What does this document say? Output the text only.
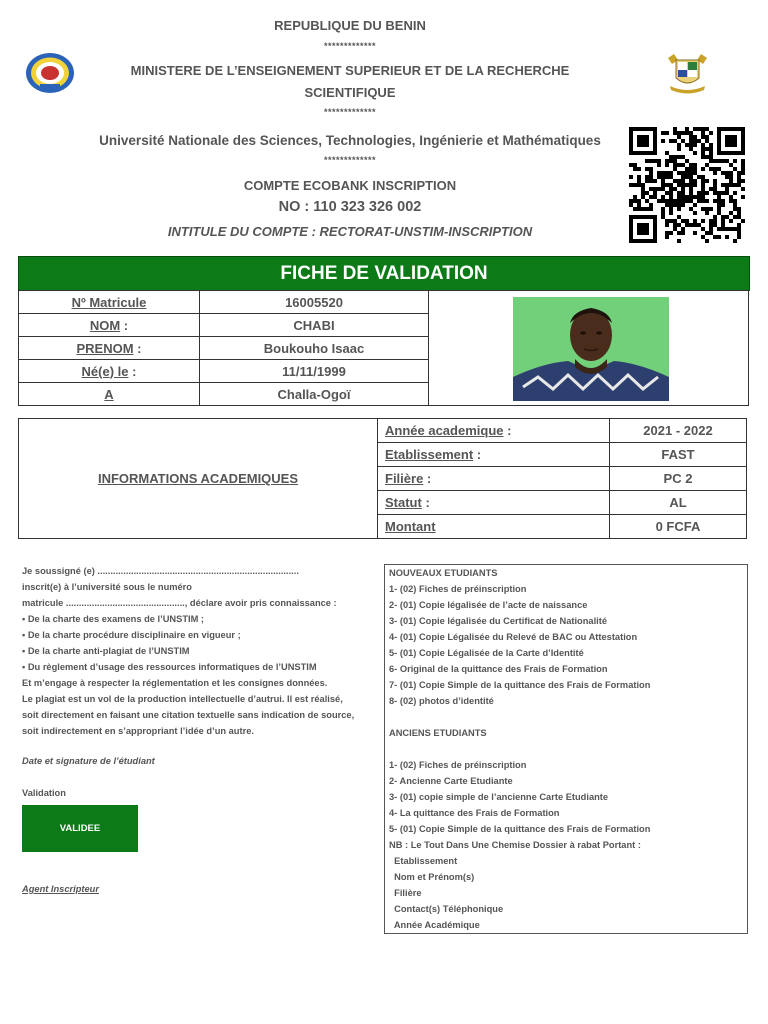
REPUBLIQUE DU BENIN
*************
MINISTERE DE L’ENSEIGNEMENT SUPERIEUR ET DE LA RECHERCHE
SCIENTIFIQUE
*************
Université Nationale des Sciences, Technologies, Ingénierie et Mathématiques
*************
COMPTE ECOBANK INSCRIPTION
NO : 110 323 326 002
INTITULE DU COMPTE : RECTORAT-UNSTIM-INSCRIPTION
FICHE DE VALIDATION
Nº Matricule	16005520	
NOM :	CHABI	
PRENOM :	Boukouho Isaac	
Né(e) le :	11/11/1999	
A	Challa-Ogoï	
INFORMATIONS ACADEMIQUES	Année academique :	2021 - 2022
	Etablissement :	FAST
	Filière :	PC 2
	Statut :	AL
	Montant	0 FCFA
Je soussigné (e) ..............................................................................
inscrit(e) à l’université sous le numéro
matricule .............................................., déclare avoir pris connaissance :
• De la charte des examens de l’UNSTIM ;
• De la charte procédure disciplinaire en vigueur ;
• De la charte anti-plagiat de l’UNSTIM
• Du règlement d’usage des ressources informatiques de l’UNSTIM
Et m’engage à respecter la réglementation et les consignes données.
Le plagiat est un vol de la production intellectuelle d’autrui. Il est réalisé,
soit directement en faisant une citation textuelle sans indication de source,
soit indirectement en s’appropriant l’idée d’un autre.
Date et signature de l’étudiant
Validation
VALIDEE
Agent Inscripteur
NOUVEAUX ETUDIANTS
1- (02) Fiches de préinscription
2- (01) Copie légalisée de l’acte de naissance
3- (01) Copie légalisée du Certificat de Nationalité
4- (01) Copie Légalisée du Relevé de BAC ou Attestation
5- (01) Copie Légalisée de la Carte d’Identité
6- Original de la quittance des Frais de Formation
7- (01) Copie Simple de la quittance des Frais de Formation
8- (02) photos d’identité

ANCIENS ETUDIANTS

1- (02) Fiches de préinscription
2- Ancienne Carte Etudiante
3- (01) copie simple de l’ancienne Carte Etudiante
4- La quittance des Frais de Formation
5- (01) Copie Simple de la quittance des Frais de Formation
NB : Le Tout Dans Une Chemise Dossier à rabat Portant :
Etablissement
Nom et Prénom(s)
Filière
Contact(s) Téléphonique
Année Académique
